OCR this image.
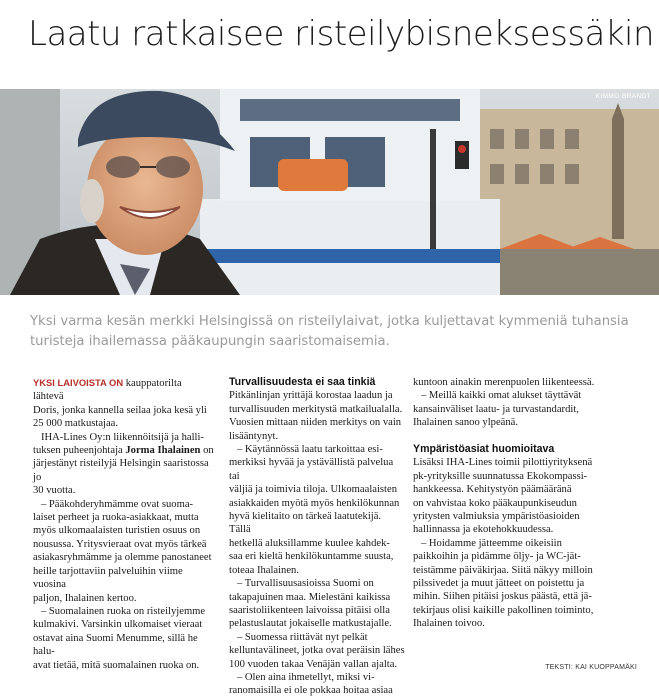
Laatu ratkaisee risteilybisneksessäkin
KIMMO BRANDT

Yksi varma kesän merkki Helsingissä on risteilylaivat, jotka kuljettavat kymmeniä tuhansia turisteja ihailemassa pääkaupungin saaristomaisemia.

YKSI LAIVOISTA ON kauppatorilta lähtevä

Doris, jonka kannella seilaa joka kesä yli

25 000 matkustajaa.

IHA-Lines Oy:n liikennöitsijä ja halli-

tuksen puheenjohtaja Jorma Ihalainen on

järjestänyt risteilyjä Helsingin saaristossa jo

30 vuotta.

– Pääkohderyhmämme ovat suoma-

laiset perheet ja ruoka-asiakkaat, mutta

myös ulkomaalaisten turistien osuus on

nousussa. Yritysvieraat ovat myös tärkeä

asiakasryhmämme ja olemme panostaneet

heille tarjottaviin palveluihin viime vuosina

paljon, Ihalainen kertoo.

– Suomalainen ruoka on risteilyjemme

kulmakivi. Varsinkin ulkomaiset vieraat

ostavat aina Suomi Menumme, sillä he halu-

avat tietää, mitä suomalainen ruoka on.

Turvallisuudesta ei saa tinkiä

Pitkänlinjan yrittäjä korostaa laadun ja

turvallisuuden merkitystä matkailualalla.

Vuosien mittaan niiden merkitys on vain

lisääntynyt.

– Käytännössä laatu tarkoittaa esi-

merkiksi hyvää ja ystävällistä palvelua tai

väljiä ja toimivia tiloja. Ulkomaalaisten

asiakkaiden myötä myös henkilökunnan

hyvä kielitaito on tärkeä laatutekijä. Tällä

hetkellä aluksillamme kuulee kahdek-

saa eri kieltä henkilökuntamme suusta,

toteaa Ihalainen.

– Turvallisuusasioissa Suomi on

takapajuinen maa. Mielestäni kaikissa

saaristoliikenteen laivoissa pitäisi olla

pelastuslautat jokaiselle matkustajalle.

– Suomessa riittävät nyt pelkät

kelluntavälineet, jotka ovat peräisin lähes

100 vuoden takaa Venäjän vallan ajalta.

– Olen aina ihmetellyt, miksi vi-

ranomaisilla ei ole pokkaa hoitaa asiaa

kuntoon ainakin merenpuolen liikenteessä.

– Meillä kaikki omat alukset täyttävät

kansainväliset laatu- ja turvastandardit,

Ihalainen sanoo ylpeänä.

Ympäristöasiat huomioitava

Lisäksi IHA-Lines toimii pilottiyrityksenä

pk-yrityksille suunnatussa Ekokompassi-

hankkeessa. Kehitystyön päämääränä

on vahvistaa koko pääkaupunkiseudun

yritysten valmiuksia ympäristöasioiden

hallinnassa ja ekotehokkuudessa.

– Hoidamme jätteemme oikeisiin

paikkoihin ja pidämme öljy- ja WC-jät-

teistämme päiväkirjaa. Siitä näkyy milloin

pilssivedet ja muut jätteet on poistettu ja

mihin. Siihen pitäisi joskus päästä, että jä-

tekirjaus olisi kaikille pakollinen toiminto,

Ihalainen toivoo.

TEKSTI: KAI KUOPPAMÄKI
